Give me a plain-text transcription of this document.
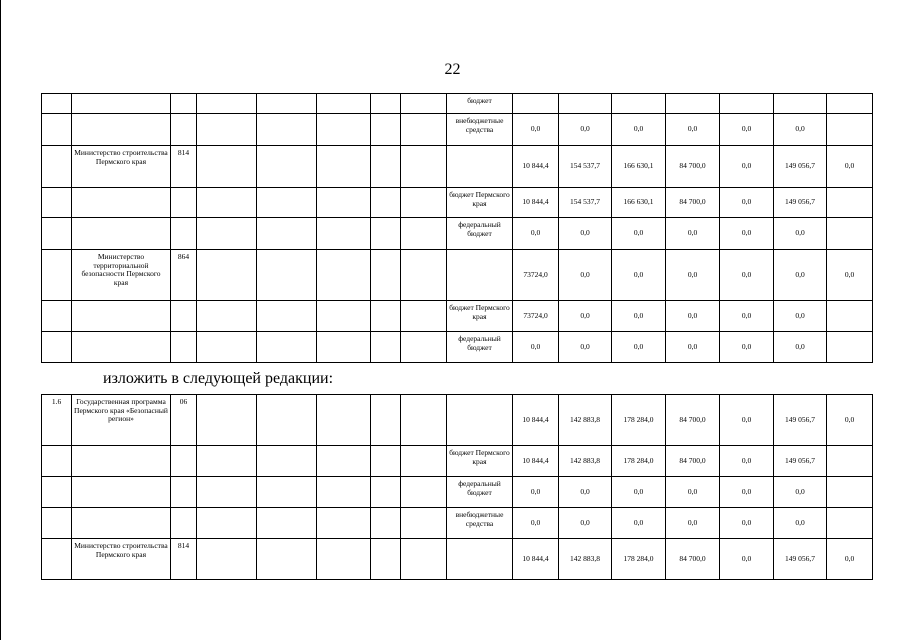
22
								бюджет							
								внебюджетные средства	0,0	0,0	0,0	0,0	0,0	0,0	
	Министерство строительства Пермского края	814							10 844,4	154 537,7	166 630,1	84 700,0	0,0	149 056,7	0,0
								бюджет Пермского края	10 844,4	154 537,7	166 630,1	84 700,0	0,0	149 056,7	
								федеральный бюджет	0,0	0,0	0,0	0,0	0,0	0,0	
	Министерство территориальной безопасности Пермского края	864							73724,0	0,0	0,0	0,0	0,0	0,0	0,0
								бюджет Пермского края	73724,0	0,0	0,0	0,0	0,0	0,0	
								федеральный бюджет	0,0	0,0	0,0	0,0	0,0	0,0	
изложить в следующей редакции:
1.6	Государственная программа Пермского края «Безопасный регион»	06							10 844,4	142 883,8	178 284,0	84 700,0	0,0	149 056,7	0,0
								бюджет Пермского края	10 844,4	142 883,8	178 284,0	84 700,0	0,0	149 056,7	
								федеральный бюджет	0,0	0,0	0,0	0,0	0,0	0,0	
								внебюджетные средства	0,0	0,0	0,0	0,0	0,0	0,0	
	Министерство строительства Пермского края	814							10 844,4	142 883,8	178 284,0	84 700,0	0,0	149 056,7	0,0
